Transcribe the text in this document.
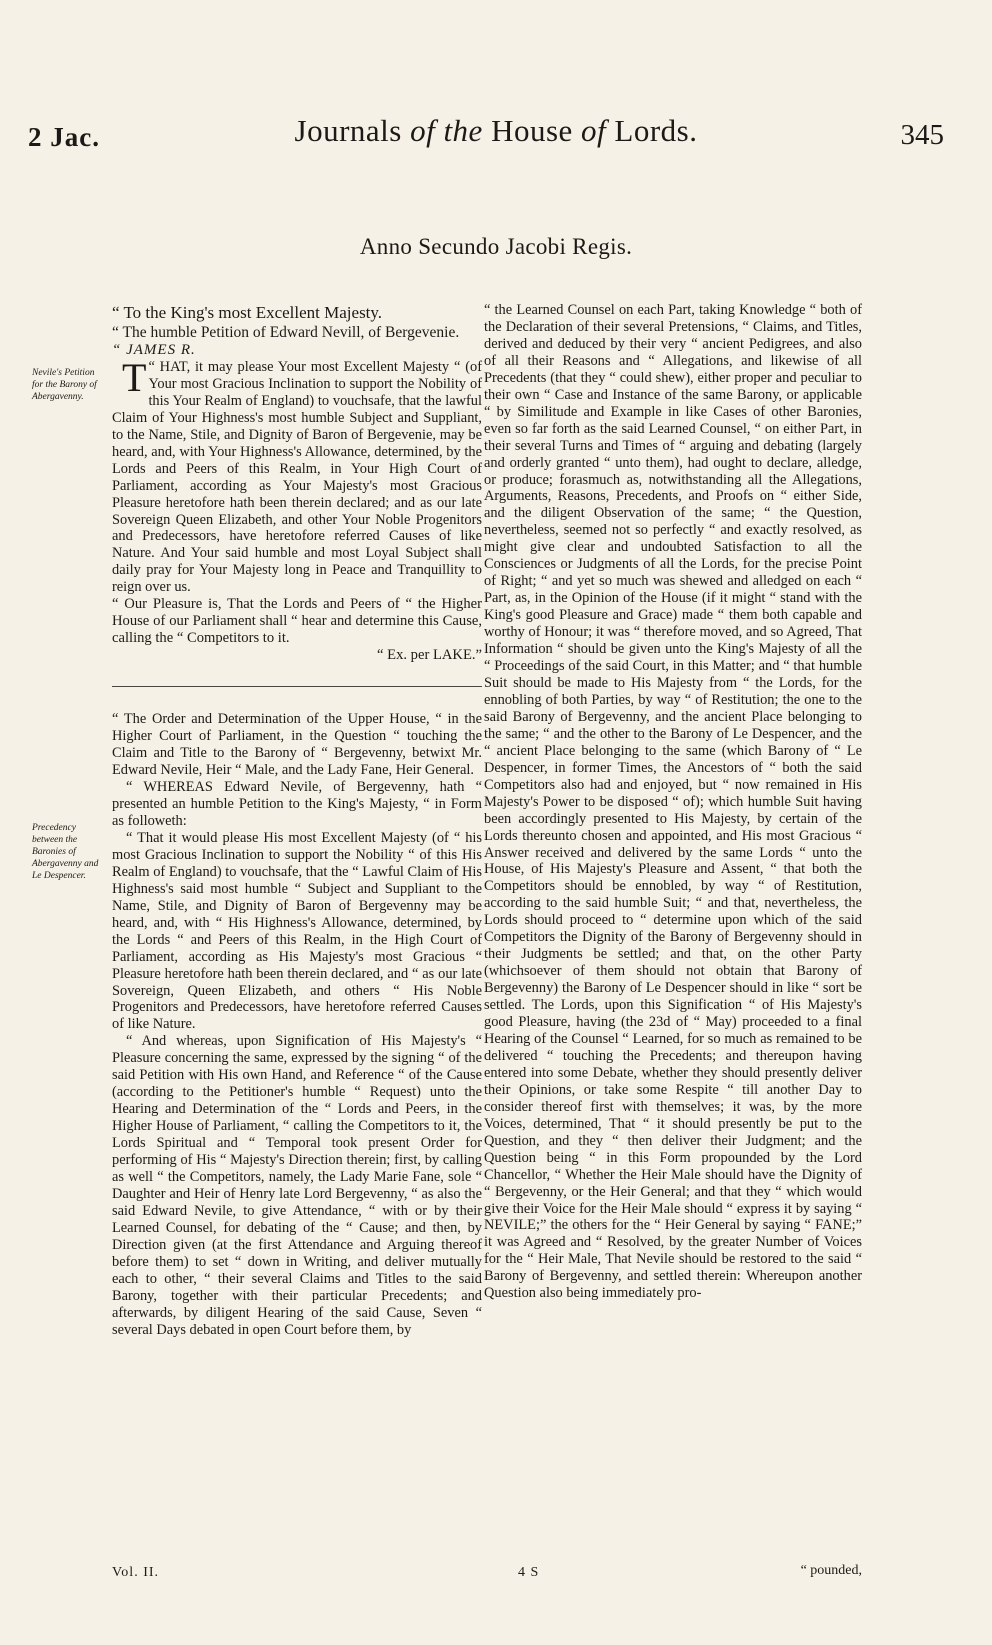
2 Jac.	Journals of the House of Lords.	345
Anno Secundo Jacobi Regis.
Nevile's Petition for the Barony of Abergavenny.
Precedency between the Baronies of Abergavenny and Le Despencer.

“ To the King's most Excellent Majesty.

“ The humble Petition of Edward Nevill, of Bergevenie.

“ JAMES R.

T “ HAT, it may please Your most Excellent Majesty “ (of Your most Gracious Inclination to support the Nobility of this Your Realm of England) to vouchsafe, that the lawful Claim of Your Highness's most humble Subject and Suppliant, to the Name, Stile, and Dignity of Baron of Bergevenie, may be heard, and, with Your Highness's Allowance, determined, by the Lords and Peers of this Realm, in Your High Court of Parliament, according as Your Majesty's most Gracious Pleasure heretofore hath been therein declared; and as our late Sovereign Queen Elizabeth, and other Your Noble Progenitors and Predecessors, have heretofore referred Causes of like Nature. And Your said humble and most Loyal Subject shall daily pray for Your Majesty long in Peace and Tranquillity to reign over us.

“ Our Pleasure is, That the Lords and Peers of “ the Higher House of our Parliament shall “ hear and determine this Cause, calling the “ Competitors to it.

“ Ex. per LAKE.”

“ The Order and Determination of the Upper House, “ in the Higher Court of Parliament, in the Question “ touching the Claim and Title to the Barony of “ Bergevenny, betwixt Mr. Edward Nevile, Heir “ Male, and the Lady Fane, Heir General.

“ WHEREAS Edward Nevile, of Bergevenny, hath “ presented an humble Petition to the King's Majesty, “ in Form as followeth:

“ That it would please His most Excellent Majesty (of “ his most Gracious Inclination to support the Nobility “ of this His Realm of England) to vouchsafe, that the “ Lawful Claim of His Highness's said most humble “ Subject and Suppliant to the Name, Stile, and Dignity of Baron of Bergevenny may be heard, and, with “ His Highness's Allowance, determined, by the Lords “ and Peers of this Realm, in the High Court of Parliament, according as His Majesty's most Gracious “ Pleasure heretofore hath been therein declared, and “ as our late Sovereign, Queen Elizabeth, and others “ His Noble Progenitors and Predecessors, have heretofore referred Causes of like Nature.

“ And whereas, upon Signification of His Majesty's “ Pleasure concerning the same, expressed by the signing “ of the said Petition with His own Hand, and Reference “ of the Cause (according to the Petitioner's humble “ Request) unto the Hearing and Determination of the “ Lords and Peers, in the Higher House of Parliament, “ calling the Competitors to it, the Lords Spiritual and “ Temporal took present Order for performing of His “ Majesty's Direction therein; first, by calling as well “ the Competitors, namely, the Lady Marie Fane, sole “ Daughter and Heir of Henry late Lord Bergevenny, “ as also the said Edward Nevile, to give Attendance, “ with or by their Learned Counsel, for debating of the “ Cause; and then, by Direction given (at the first Attendance and Arguing thereof before them) to set “ down in Writing, and deliver mutually each to other, “ their several Claims and Titles to the said Barony, together with their particular Precedents; and afterwards, by diligent Hearing of the said Cause, Seven “ several Days debated in open Court before them, by

“ the Learned Counsel on each Part, taking Knowledge “ both of the Declaration of their several Pretensions, “ Claims, and Titles, derived and deduced by their very “ ancient Pedigrees, and also of all their Reasons and “ Allegations, and likewise of all Precedents (that they “ could shew), either proper and peculiar to their own “ Case and Instance of the same Barony, or applicable “ by Similitude and Example in like Cases of other Baronies, even so far forth as the said Learned Counsel, “ on either Part, in their several Turns and Times of “ arguing and debating (largely and orderly granted “ unto them), had ought to declare, alledge, or produce; forasmuch as, notwithstanding all the Allegations, Arguments, Reasons, Precedents, and Proofs on “ either Side, and the diligent Observation of the same; “ the Question, nevertheless, seemed not so perfectly “ and exactly resolved, as might give clear and undoubted Satisfaction to all the Consciences or Judgments of all the Lords, for the precise Point of Right; “ and yet so much was shewed and alledged on each “ Part, as, in the Opinion of the House (if it might “ stand with the King's good Pleasure and Grace) made “ them both capable and worthy of Honour; it was “ therefore moved, and so Agreed, That Information “ should be given unto the King's Majesty of all the “ Proceedings of the said Court, in this Matter; and “ that humble Suit should be made to His Majesty from “ the Lords, for the ennobling of both Parties, by way “ of Restitution; the one to the said Barony of Bergevenny, and the ancient Place belonging to the same; “ and the other to the Barony of Le Despencer, and the “ ancient Place belonging to the same (which Barony of “ Le Despencer, in former Times, the Ancestors of “ both the said Competitors also had and enjoyed, but “ now remained in His Majesty's Power to be disposed “ of); which humble Suit having been accordingly presented to His Majesty, by certain of the Lords thereunto chosen and appointed, and His most Gracious “ Answer received and delivered by the same Lords “ unto the House, of His Majesty's Pleasure and Assent, “ that both the Competitors should be ennobled, by way “ of Restitution, according to the said humble Suit; “ and that, nevertheless, the Lords should proceed to “ determine upon which of the said Competitors the Dignity of the Barony of Bergevenny should in their Judgments be settled; and that, on the other Party (whichsoever of them should not obtain that Barony of Bergevenny) the Barony of Le Despencer should in like “ sort be settled. The Lords, upon this Signification “ of His Majesty's good Pleasure, having (the 23d of “ May) proceeded to a final Hearing of the Counsel “ Learned, for so much as remained to be delivered “ touching the Precedents; and thereupon having entered into some Debate, whether they should presently deliver their Opinions, or take some Respite “ till another Day to consider thereof first with themselves; it was, by the more Voices, determined, That “ it should presently be put to the Question, and they “ then deliver their Judgment; and the Question being “ in this Form propounded by the Lord Chancellor, “ Whether the Heir Male should have the Dignity of “ Bergevenny, or the Heir General; and that they “ which would give their Voice for the Heir Male should “ express it by saying “ NEVILE;” the others for the “ Heir General by saying “ FANE;” it was Agreed and “ Resolved, by the greater Number of Voices for the “ Heir Male, That Nevile should be restored to the said “ Barony of Bergevenny, and settled therein: Whereupon another Question also being immediately pro-

Vol. II.	4 S	“ pounded,
